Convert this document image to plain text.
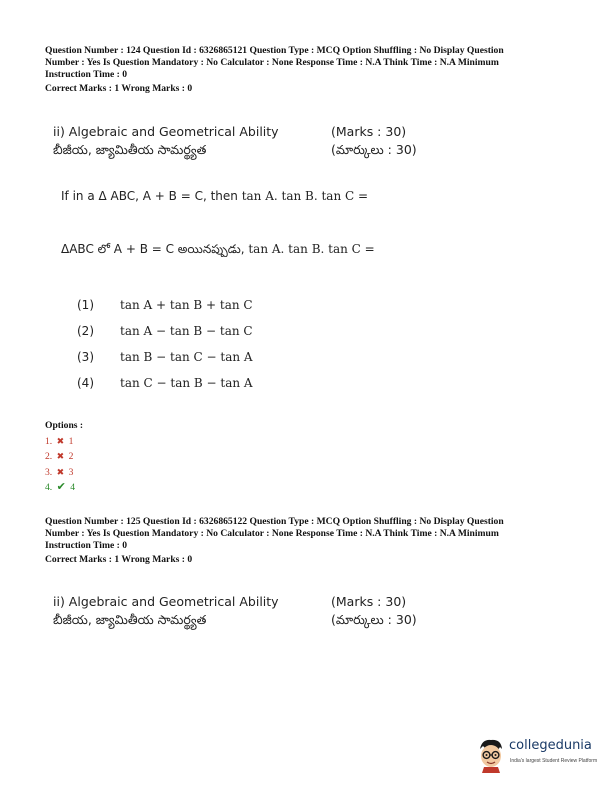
Question Number : 124 Question Id : 6326865121 Question Type : MCQ Option Shuffling : No Display Question
Number : Yes Is Question Mandatory : No Calculator : None Response Time : N.A Think Time : N.A Minimum
Instruction Time : 0
Correct Marks : 1 Wrong Marks : 0
ii) Algebraic and Geometrical Ability
బీజీయ, జ్యామితీయ సామర్థ్యత
(Marks : 30)
(మార్కులు : 30)
If in a Δ ABC, A + B = C, then tan A. tan B. tan C =
ΔABC లో A + B = C అయినప్పుడు, tan A. tan B. tan C =
(1) tan A + tan B + tan C
(2) tan A − tan B − tan C
(3) tan B − tan C − tan A
(4) tan C − tan B − tan A
Options :
1. ✖ 1
2. ✖ 2
3. ✖ 3
4. ✔ 4
Question Number : 125 Question Id : 6326865122 Question Type : MCQ Option Shuffling : No Display Question
Number : Yes Is Question Mandatory : No Calculator : None Response Time : N.A Think Time : N.A Minimum
Instruction Time : 0
Correct Marks : 1 Wrong Marks : 0
ii) Algebraic and Geometrical Ability
బీజీయ, జ్యామితీయ సామర్థ్యత
(Marks : 30)
(మార్కులు : 30)
collegedunia
India's largest Student Review Platform
